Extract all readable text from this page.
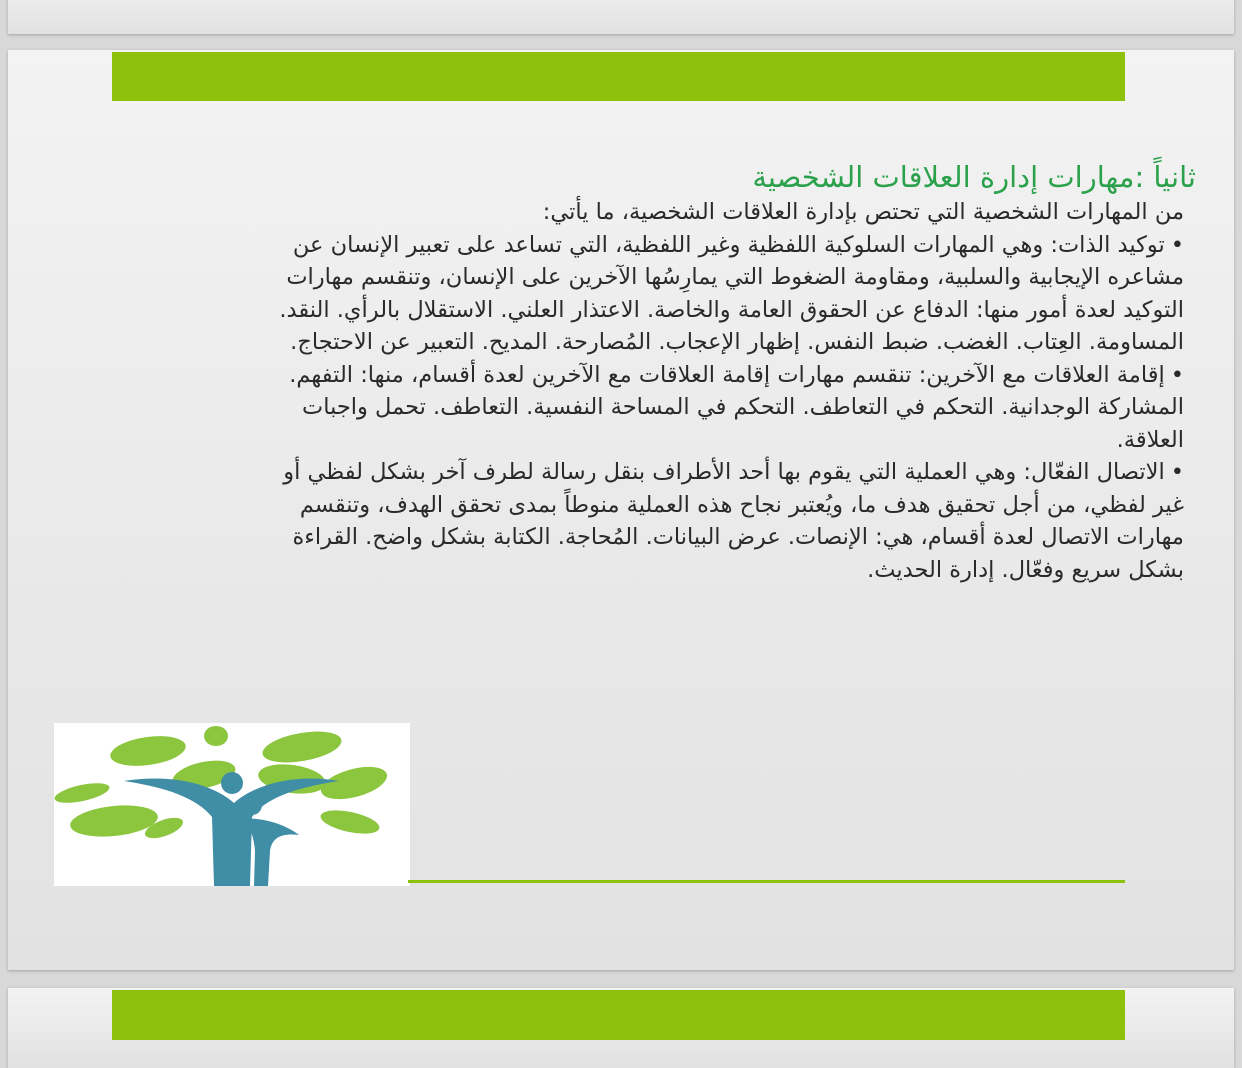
ثانياً :مهارات إدارة العلاقات الشخصية
من المهارات الشخصية التي تحتص بإدارة العلاقات الشخصية، ما يأتي:
•توكيد الذات: وهي المهارات السلوكية اللفظية وغير اللفظية، التي تساعد على تعبير الإنسان عن
مشاعره الإيجابية والسلبية، ومقاومة الضغوط التي يمارِسُها الآخرين على الإنسان، وتنقسم مهارات
التوكيد لعدة أمور منها: الدفاع عن الحقوق العامة والخاصة. الاعتذار العلني. الاستقلال بالرأي. النقد.
المساومة. العِتاب. الغضب. ضبط النفس. إظهار الإعجاب. المُصارحة. المديح. التعبير عن الاحتجاج.
•إقامة العلاقات مع الآخرين: تنقسم مهارات إقامة العلاقات مع الآخرين لعدة أقسام، منها: التفهم.
المشاركة الوجدانية. التحكم في التعاطف. التحكم في المساحة النفسية. التعاطف. تحمل واجبات
العلاقة.
•الاتصال الفعّال: وهي العملية التي يقوم بها أحد الأطراف بنقل رسالة لطرف آخر بشكل لفظي أو
غير لفظي، من أجل تحقيق هدف ما، ويُعتبر نجاح هذه العملية منوطاً بمدى تحقق الهدف، وتنقسم
مهارات الاتصال لعدة أقسام، هي: الإنصات. عرض البيانات. المُحاجة. الكتابة بشكل واضح. القراءة
بشكل سريع وفعّال. إدارة الحديث.
